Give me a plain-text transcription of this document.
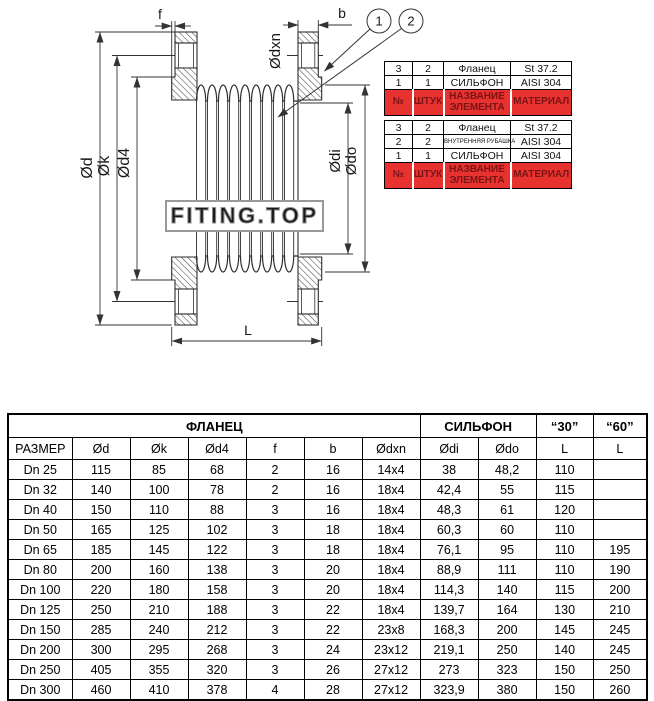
FITING.TOP
1 2
f	b
Ødxn
Ød Øk Ød4	Ødi Ødo
L
3	2	Фланец	St 37.2
1	1	СИЛЬФОН	AISI 304
№	ШТУК	НАЗВАНИЕ ЭЛЕМЕНТА	МАТЕРИАЛ
3	2	Фланец	St 37.2
2	2	ВНУТРЕННЯЯ РУБАШКА	AISI 304
1	1	СИЛЬФОН	AISI 304
№	ШТУК	НАЗВАНИЕ ЭЛЕМЕНТА	МАТЕРИАЛ
ФЛАНЕЦ							СИЛЬФОН		“30”	“60”
РАЗМЕР	Ød	Øk	Ød4	f	b	Ødxn	Ødi	Ødo	L	L
Dn 25	115	85	68	2	16	14x4	38	48,2	110	
Dn 32	140	100	78	2	16	18x4	42,4	55	115	
Dn 40	150	110	88	3	16	18x4	48,3	61	120	
Dn 50	165	125	102	3	18	18x4	60,3	60	110	
Dn 65	185	145	122	3	18	18x4	76,1	95	110	195
Dn 80	200	160	138	3	20	18x4	88,9	111	110	190
Dn 100	220	180	158	3	20	18x4	114,3	140	115	200
Dn 125	250	210	188	3	22	18x4	139,7	164	130	210
Dn 150	285	240	212	3	22	23x8	168,3	200	145	245
Dn 200	300	295	268	3	24	23x12	219,1	250	140	245
Dn 250	405	355	320	3	26	27x12	273	323	150	250
Dn 300	460	410	378	4	28	27x12	323,9	380	150	260
